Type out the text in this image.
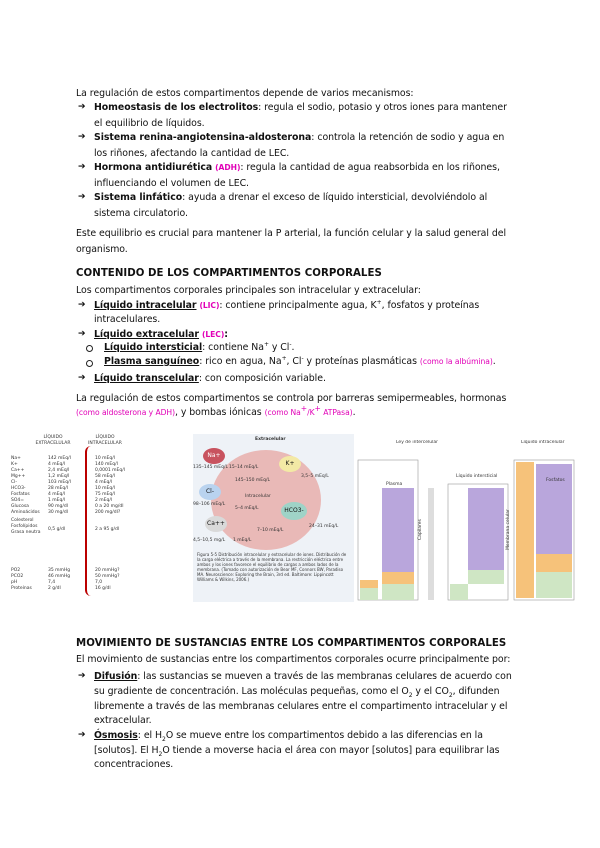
La regulación de estos compartimentos depende de varios mecanismos:
➔ Homeostasis de los electrolitos: regula el sodio, potasio y otros iones para mantener
el equilibrio de líquidos.
➔ Sistema renina-angiotensina-aldosterona: controla la retención de sodio y agua en
los riñones, afectando la cantidad de LEC.
➔ Hormona antidiurética (ADH): regula la cantidad de agua reabsorbida en los riñones,
influenciando el volumen de LEC.
➔ Sistema linfático: ayuda a drenar el exceso de líquido intersticial, devolviéndolo al
sistema circulatorio.
Este equilibrio es crucial para mantener la P arterial, la función celular y la salud general del
organismo.
CONTENIDO DE LOS COMPARTIMENTOS CORPORALES
Los compartimentos corporales principales son intracelular y extracelular:
➔ Líquido intracelular (LIC): contiene principalmente agua, K+, fosfatos y proteínas
intracelulares.
➔ Líquido extracelular (LEC):
Líquido intersticial: contiene Na+ y Cl-.
Plasma sanguíneo: rico en agua, Na+, Cl- y proteínas plasmáticas (como la albúmina).
➔ Líquido transcelular: con composición variable.
La regulación de estos compartimentos se controla por barreras semipermeables, hormonas
(como aldosterona y ADH), y bombas iónicas (como Na+/K+ ATPasa).
LÍQUIDO EXTRACELULAR
LÍQUIDO INTRACELULAR
Na+	142 mEq/l	10 mEq/l
K+	4 mEq/l	140 mEq/l
Ca++	2,4 mEq/l	0,0001 mEq/l
Mg++	1,2 mEq/l	58 mEq/l
Cl-	103 mEq/l	4 mEq/l
HCO3-	28 mEq/l	10 mEq/l
Fosfatos	4 mEq/l	75 mEq/l
SO4=	1 mEq/l	2 mEq/l
Glucosa	90 mg/dl	0 a 20 mg/dl
Aminoácidos 30 mg/dl	200 mg/dl?
Colesterol Fosfolípidos Grasa neutra
0,5 g/dl	2 a 95 g/dl
PO2	35 mmHg	20 mmHg?
PCO2	46 mmHg	50 mmHg?
pH	7,4	7,0
Proteínas	2 g/dl	16 g/dl
Extracelular
Intracelular
Na+
K+
Cl-
HCO3-
Ca++
135–145 mEq/L 15–14 mEq/L
145–150 mEq/L
3,5–5 mEq/L
98–106 mEq/L
5–4 mEq/L
7–10 mEq/L
24–31 mEq/L
4,5–10,5 mg/L 1 mEq/L
Figura 5-5 Distribución intracelular y extracelular de iones. Distribución de la carga eléctrica a través de la membrana. La restricción eléctrica entre ambos y los iones favorece el equilibrio de cargas a ambos lados de la membrana. (Tomado con autorización de Bear MF, Connors BW, Paradiso MA. Neuroscience: Exploring the Brain, 3rd ed. Baltimore: Lippincott Williams & Wilkins, 2006.)
Ley de intercelular
Líquido intersticial
Líquido intracelular
Plasma
Fosfatos
Capilares	Membrana celular
MOVIMIENTO DE SUSTANCIAS ENTRE LOS COMPARTIMENTOS CORPORALES
El movimiento de sustancias entre los compartimentos corporales ocurre principalmente por:
➔ Difusión: las sustancias se mueven a través de las membranas celulares de acuerdo con
su gradiente de concentración. Las moléculas pequeñas, como el $O_2$ y el $CO_2$, difunden
libremente a través de las membranas celulares entre el compartimento intracelular y el
extracelular.
➔ Ósmosis: el $H_2O$ se mueve entre los compartimentos debido a las diferencias en la
[solutos]. El $H_2O$ tiende a moverse hacia el área con mayor [solutos] para equilibrar las
concentraciones.
